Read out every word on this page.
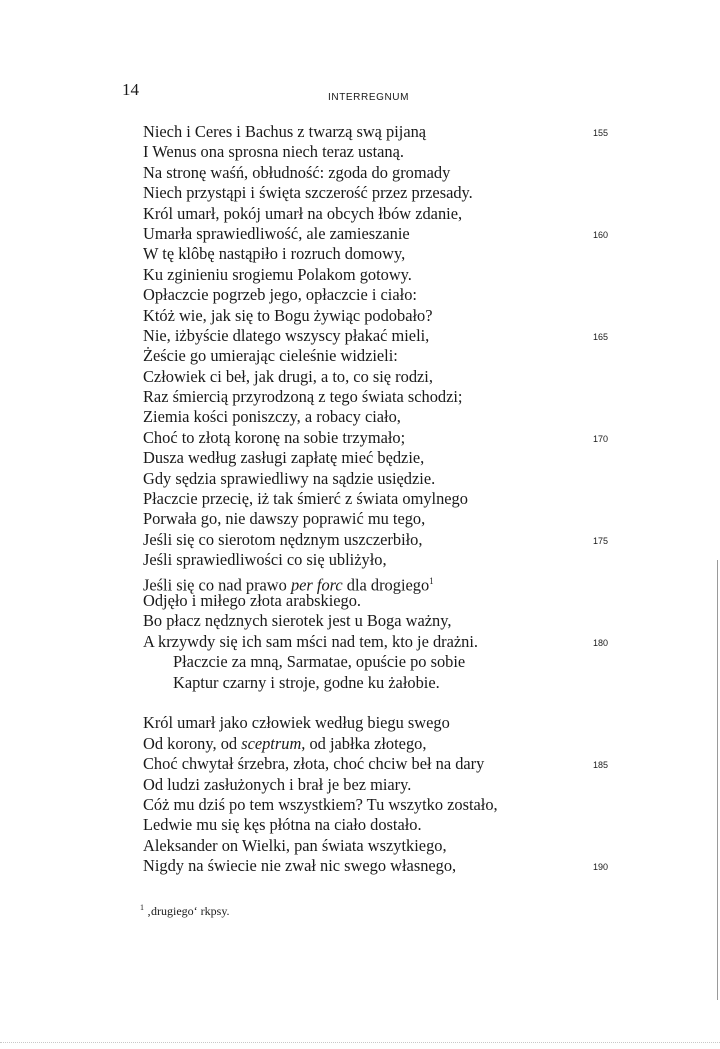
14	INTERREGNUM
Niech i Ceres i Bachus z twarzą swą pijaną	155
I Wenus ona sprosna niech teraz ustaną.
Na stronę waśń, obłudność: zgoda do gromady
Niech przystąpi i święta szczerość przez przesady.
Król umarł, pokój umarł na obcych łbów zdanie,
Umarła sprawiedliwość, ale zamieszanie	160
W tę klôbę nastąpiło i rozruch domowy,
Ku zginieniu srogiemu Polakom gotowy.
Opłaczcie pogrzeb jego, opłaczcie i ciało:
Któż wie, jak się to Bogu żywiąc podobało?
Nie, iżbyście dlatego wszyscy płakać mieli,	165
Żeście go umierając cieleśnie widzieli:
Człowiek ci beł, jak drugi, a to, co się rodzi,
Raz śmiercią przyrodzoną z tego świata schodzi;
Ziemia kości poniszczy, a robacy ciało,
Choć to złotą koronę na sobie trzymało;	170
Dusza według zasługi zapłatę mieć będzie,
Gdy sędzia sprawiedliwy na sądzie usiędzie.
Płaczcie przecię, iż tak śmierć z świata omylnego
Porwała go, nie dawszy poprawić mu tego,
Jeśli się co sierotom nędznym uszczerbiło,	175
Jeśli sprawiedliwości co się ubliżyło,
Jeśli się co nad prawo per forc dla drogiego$^1$
Odjęło i miłego złota arabskiego.
Bo płacz nędznych sierotek jest u Boga ważny,
A krzywdy się ich sam mści nad tem, kto je drażni.	180
Płaczcie za mną, Sarmatae, opuście po sobie
Kaptur czarny i stroje, godne ku żałobie.
Król umarł jako człowiek według biegu swego
Od korony, od sceptrum, od jabłka złotego,
Choć chwytał śrzebra, złota, choć chciw beł na dary	185
Od ludzi zasłużonych i brał je bez miary.
Cóż mu dziś po tem wszystkiem? Tu wszytko zostało,
Ledwie mu się kęs płótna na ciało dostało.
Aleksander on Wielki, pan świata wszytkiego,
Nigdy na świecie nie zwał nic swego własnego,	190
$^1$ ‚drugiego‘ rkpsy.
